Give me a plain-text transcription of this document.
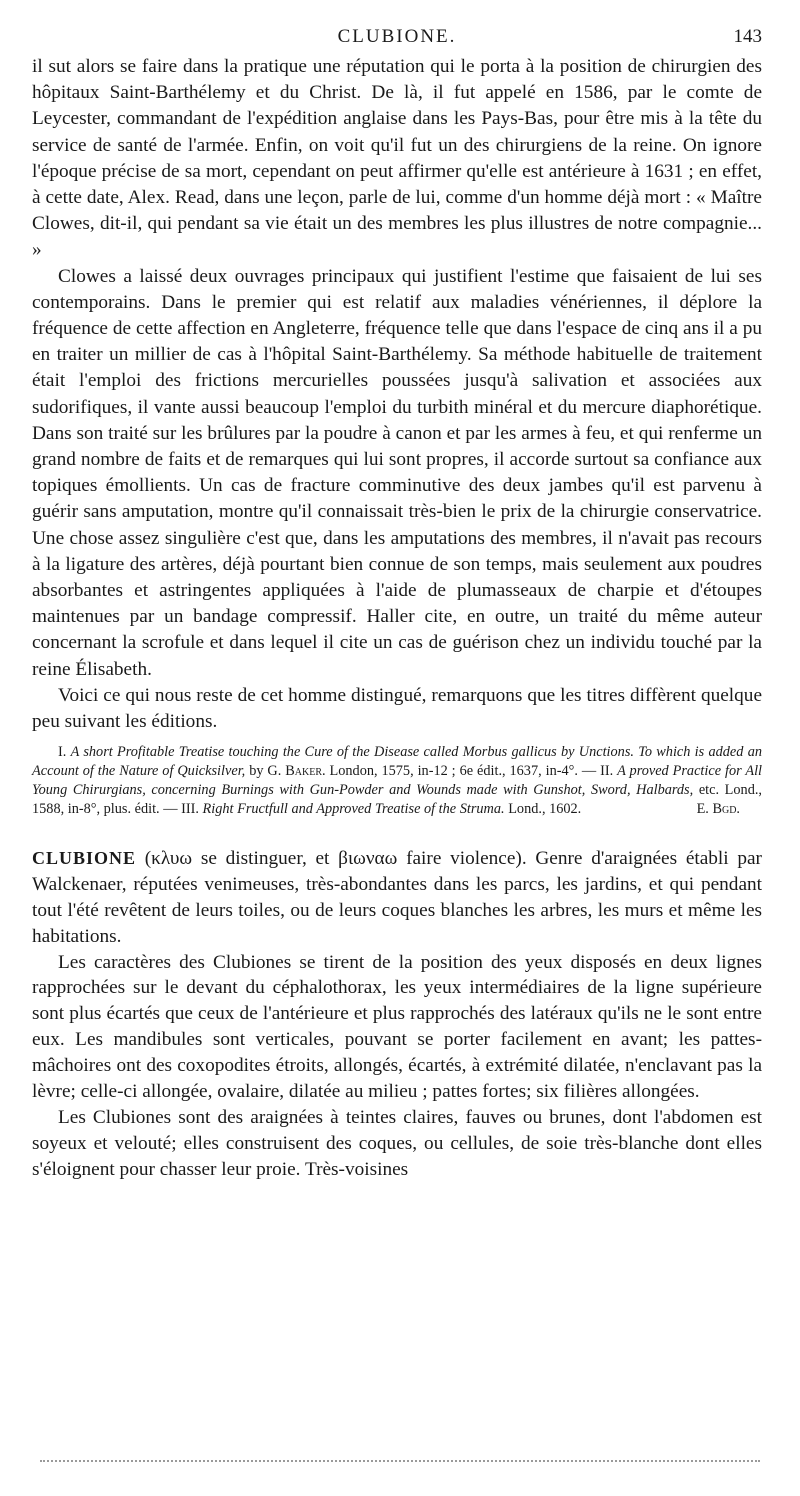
CLUBIONE.	143

il sut alors se faire dans la pratique une réputation qui le porta à la position de chirurgien des hôpitaux Saint-Barthélemy et du Christ. De là, il fut appelé en 1586, par le comte de Leycester, commandant de l'expédition anglaise dans les Pays-Bas, pour être mis à la tête du service de santé de l'armée. Enfin, on voit qu'il fut un des chirurgiens de la reine. On ignore l'époque précise de sa mort, cependant on peut affirmer qu'elle est antérieure à 1631 ; en effet, à cette date, Alex. Read, dans une leçon, parle de lui, comme d'un homme déjà mort : « Maître Clowes, dit-il, qui pendant sa vie était un des membres les plus illustres de notre compagnie... »

Clowes a laissé deux ouvrages principaux qui justifient l'estime que faisaient de lui ses contemporains. Dans le premier qui est relatif aux maladies vénériennes, il déplore la fréquence de cette affection en Angleterre, fréquence telle que dans l'espace de cinq ans il a pu en traiter un millier de cas à l'hôpital Saint-Barthélemy. Sa méthode habituelle de traitement était l'emploi des frictions mercurielles poussées jusqu'à salivation et associées aux sudorifiques, il vante aussi beaucoup l'emploi du turbith minéral et du mercure diaphorétique. Dans son traité sur les brûlures par la poudre à canon et par les armes à feu, et qui renferme un grand nombre de faits et de remarques qui lui sont propres, il accorde surtout sa confiance aux topiques émollients. Un cas de fracture comminutive des deux jambes qu'il est parvenu à guérir sans amputation, montre qu'il connaissait très-bien le prix de la chirurgie conservatrice. Une chose assez singulière c'est que, dans les amputations des membres, il n'avait pas recours à la ligature des artères, déjà pourtant bien connue de son temps, mais seulement aux poudres absorbantes et astringentes appliquées à l'aide de plumasseaux de charpie et d'étoupes maintenues par un bandage compressif. Haller cite, en outre, un traité du même auteur concernant la scrofule et dans lequel il cite un cas de guérison chez un individu touché par la reine Élisabeth.

Voici ce qui nous reste de cet homme distingué, remarquons que les titres diffèrent quelque peu suivant les éditions.

I. A short Profitable Treatise touching the Cure of the Disease called Morbus gallicus by Unctions. To which is added an Account of the Nature of Quicksilver, by G. Baker. London, 1575, in-12 ; 6e édit., 1637, in-4°. — II. A proved Practice for All Young Chirurgians, concerning Burnings with Gun-Powder and Wounds made with Gunshot, Sword, Halbards, etc. Lond., 1588, in-8°, plus. édit. — III. Right Fructfull and Approved Treatise of the Struma. Lond., 1602.	E. Bgd.

CLUBIONE (κλυω se distinguer, et βιωναω faire violence). Genre d'araignées établi par Walckenaer, réputées venimeuses, très-abondantes dans les parcs, les jardins, et qui pendant tout l'été revêtent de leurs toiles, ou de leurs coques blanches les arbres, les murs et même les habitations.

Les caractères des Clubiones se tirent de la position des yeux disposés en deux lignes rapprochées sur le devant du céphalothorax, les yeux intermédiaires de la ligne supérieure sont plus écartés que ceux de l'antérieure et plus rapprochés des latéraux qu'ils ne le sont entre eux. Les mandibules sont verticales, pouvant se porter facilement en avant; les pattes-mâchoires ont des coxopodites étroits, allongés, écartés, à extrémité dilatée, n'enclavant pas la lèvre; celle-ci allongée, ovalaire, dilatée au milieu ; pattes fortes; six filières allongées.

Les Clubiones sont des araignées à teintes claires, fauves ou brunes, dont l'abdomen est soyeux et velouté; elles construisent des coques, ou cellules, de soie très-blanche dont elles s'éloignent pour chasser leur proie. Très-voisines
